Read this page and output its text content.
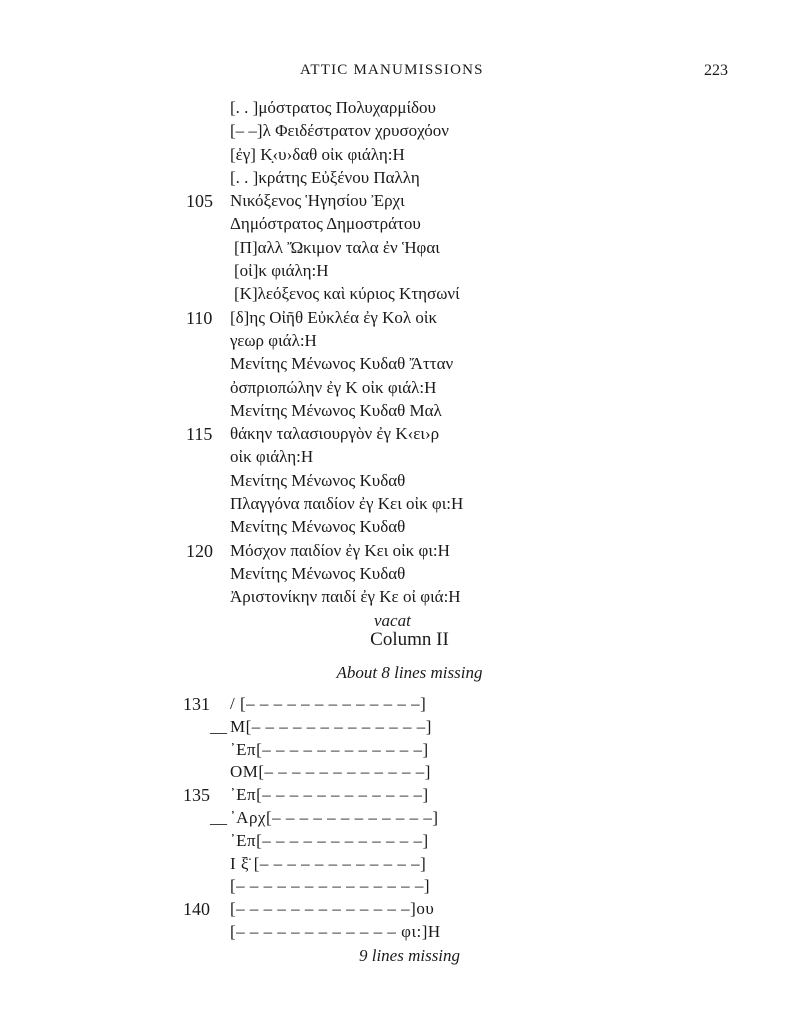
ATTIC MANUMISSIONS	223
[. . ]μόστρατος Πολυχαρμίδου
[– –]λ Φειδέστρατον χρυσοχόον
[ἐγ] Κ̣‹υ›δαθ οἰκ φιάλη:Η
[. . ]κράτης Εὐξένου Παλλη
105 Νικόξενος Ἡγησίου Ἐρχι
Δημόστρατος Δημοστράτου
[Π]αλλ Ὤκιμον ταλα ἐν Ἡφαι
[οἰ]κ φιάλη:Η
[Κ]λεόξενος καὶ κύριος Κτησωνί
110 [δ]ης Οἰῆθ Εὐκλέα ἐγ Κολ οἰκ
γεωρ φιάλ:Η
Μενίτης Μένωνος Κυδαθ Ἄτταν
ὀσπριοπώλην ἐγ Κ οἰκ φιάλ:Η
Μενίτης Μένωνος Κυδαθ Μαλ
115 θάκην ταλασιουργὸν ἐγ Κ‹ει›ρ
οἰκ φιάλη:Η
Μενίτης Μένωνος Κυδαθ
Πλαγγόνα παιδίον ἐγ Κει οἰκ φι:Η
Μενίτης Μένωνος Κυδαθ
120 Μόσχον παιδίον ἐγ Κει οἰκ φι:Η
Μενίτης Μένωνος Κυδαθ
Ἀριστονίκην παιδί ἐγ Κε οἰ φιά:Η
vacat
Column II
About 8 lines missing
131 / [– – – – – – – – – – – – –]
__ Μ[– – – – – – – – – – – – –]
᾿Επ[– – – – – – – – – – – –]
ΟΜ[– – – – – – – – – – – –]
135 ᾿Επ[– – – – – – – – – – – –]
__ ᾿Αρχ[– – – – – – – – – – – –]
᾿Επ[– – – – – – – – – – – –]
Ι ξ̈ [– – – – – – – – – – – –]
[– – – – – – – – – – – – – –]
140 [– – – – – – – – – – – – –]ου
[– – – – – – – – – – – – φι:]Η
9 lines missing
